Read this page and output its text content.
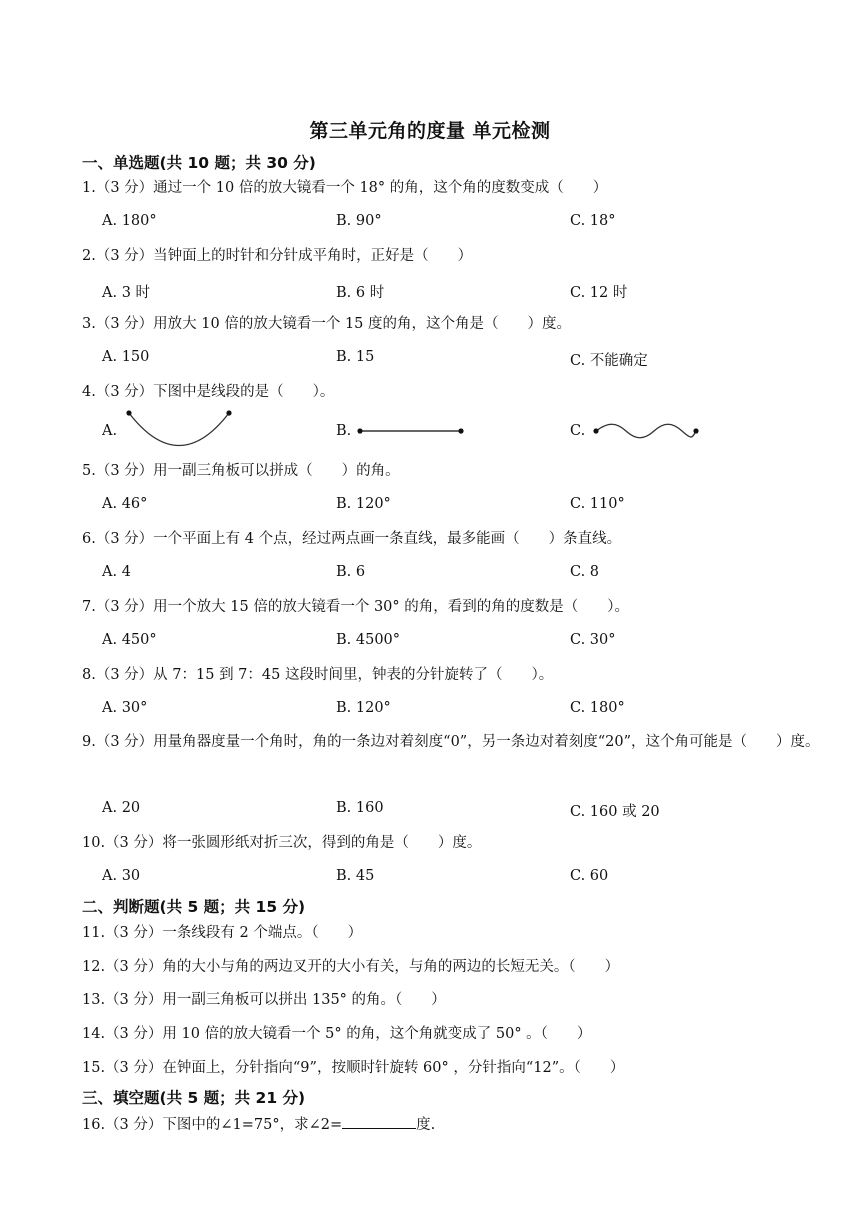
第三单元角的度量 单元检测
一、单选题(共 10 题；共 30 分)
1.（3 分）通过一个 10 倍的放大镜看一个 18° 的角，这个角的度数变成（　　）
A. 180°	B. 90°	C. 18°
2.（3 分）当钟面上的时针和分针成平角时，正好是（　　）
A. 3 时	B. 6 时	C. 12 时
3.（3 分）用放大 10 倍的放大镜看一个 15 度的角，这个角是（　　）度。
A. 150	B. 15	C. 不能确定
4.（3 分）下图中是线段的是（　　）。
A.	B.	C.
5.（3 分）用一副三角板可以拼成（　　）的角。
A. 46°	B. 120°	C. 110°
6.（3 分）一个平面上有 4 个点，经过两点画一条直线，最多能画（　　）条直线。
A. 4	B. 6	C. 8
7.（3 分）用一个放大 15 倍的放大镜看一个 30° 的角，看到的角的度数是（　　）。
A. 450°	B. 4500°	C. 30°
8.（3 分）从 7：15 到 7：45 这段时间里，钟表的分针旋转了（　　）。
A. 30°	B. 120°	C. 180°
9.（3 分）用量角器度量一个角时，角的一条边对着刻度“0”，另一条边对着刻度“20”，这个角可能是（　　）度。
A. 20	B. 160	C. 160 或 20
10.（3 分）将一张圆形纸对折三次，得到的角是（　　）度。
A. 30	B. 45	C. 60
二、判断题(共 5 题；共 15 分)
11.（3 分）一条线段有 2 个端点。（　　）
12.（3 分）角的大小与角的两边叉开的大小有关，与角的两边的长短无关。（　　）
13.（3 分）用一副三角板可以拼出 135° 的角。（　　）
14.（3 分）用 10 倍的放大镜看一个 5° 的角，这个角就变成了 50° 。（　　）
15.（3 分）在钟面上，分针指向“9”，按顺时针旋转 60° ，分针指向“12”。（　　）
三、填空题(共 5 题；共 21 分)
16.（3 分）下图中的∠1=75°，求∠2=	度.
